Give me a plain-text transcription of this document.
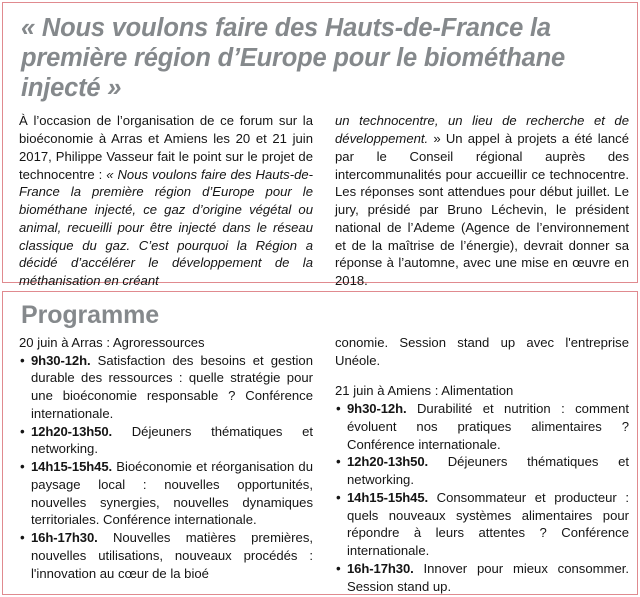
« Nous voulons faire des Hauts-de-France la première région d’Europe pour le biométhane injecté »

À l’occasion de l’organisation de ce forum sur la bioéconomie à Arras et Amiens les 20 et 21 juin 2017, Philippe Vasseur fait le point sur le projet de technocentre : « Nous voulons faire des Hauts-de-France la première région d’Europe pour le biométhane injecté, ce gaz d’origine végétal ou animal, recueilli pour être injecté dans le réseau classique du gaz. C’est pourquoi la Région a décidé d’accélérer le développement de la méthanisation en créant

un technocentre, un lieu de recherche et de développement. » Un appel à projets a été lancé par le Conseil régional auprès des intercommunalités pour accueillir ce technocentre. Les réponses sont attendues pour début juillet. Le jury, présidé par Bruno Léchevin, le président national de l’Ademe (Agence de l’environnement et de la maîtrise de l’énergie), devrait donner sa réponse à l’automne, avec une mise en œuvre en 2018.

Programme

20 juin à Arras : Agroressources

• 9h30-12h. Satisfaction des besoins et gestion durable des ressources : quelle stratégie pour une bioéconomie responsable ? Conférence internationale.
• 12h20-13h50. Déjeuners thématiques et networking.
• 14h15-15h45. Bioéconomie et réorganisation du paysage local : nouvelles opportunités, nouvelles synergies, nouvelles dynamiques territoriales. Conférence internationale.
• 16h-17h30. Nouvelles matières premières, nouvelles utilisations, nouveaux procédés : l'innovation au cœur de la bioé

conomie. Session stand up avec l'entreprise Unéole.

21 juin à Amiens : Alimentation

• 9h30-12h. Durabilité et nutrition : comment évoluent nos pratiques alimentaires ? Conférence internationale.
• 12h20-13h50. Déjeuners thématiques et networking.
• 14h15-15h45. Consommateur et producteur : quels nouveaux systèmes alimentaires pour répondre à leurs attentes ? Conférence internationale.
• 16h-17h30. Innover pour mieux consommer. Session stand up.
